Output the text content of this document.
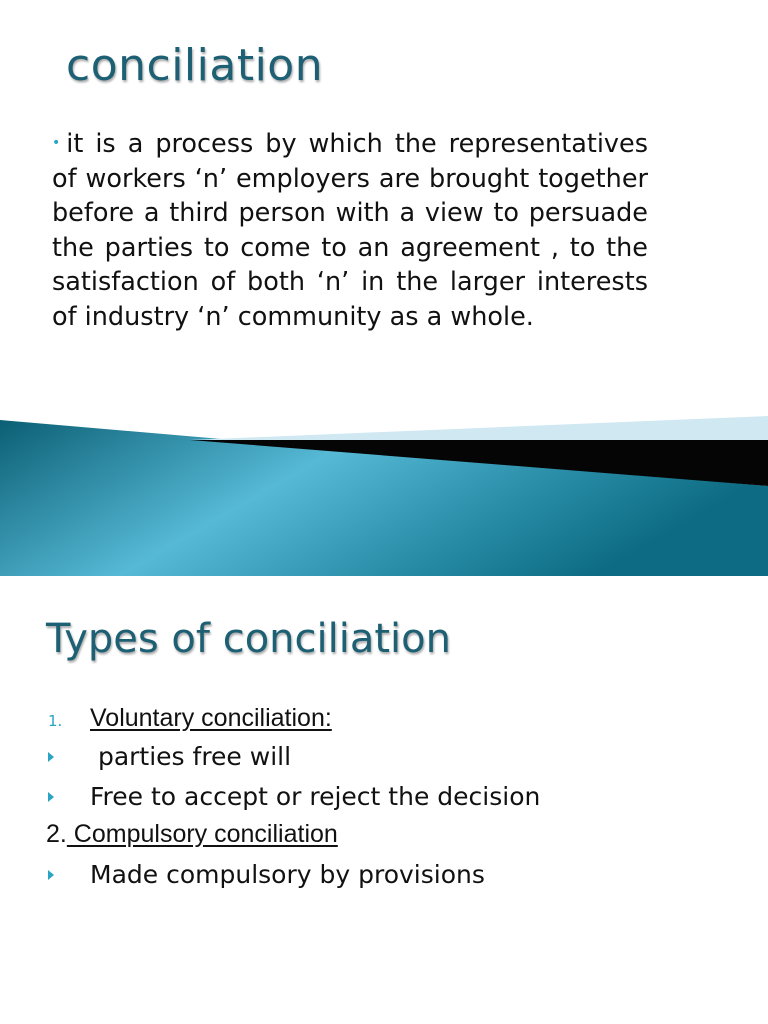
conciliation
• it is a process by which the representatives of workers ‘n’ employers are brought together before a third person with a view to persuade the parties to come to an agreement , to the satisfaction of both ‘n’ in the larger interests of industry ‘n’ community as a whole.
Types of conciliation
1. Voluntary conciliation:
parties free will
Free to accept or reject the decision
2. Compulsory conciliation
Made compulsory by provisions
